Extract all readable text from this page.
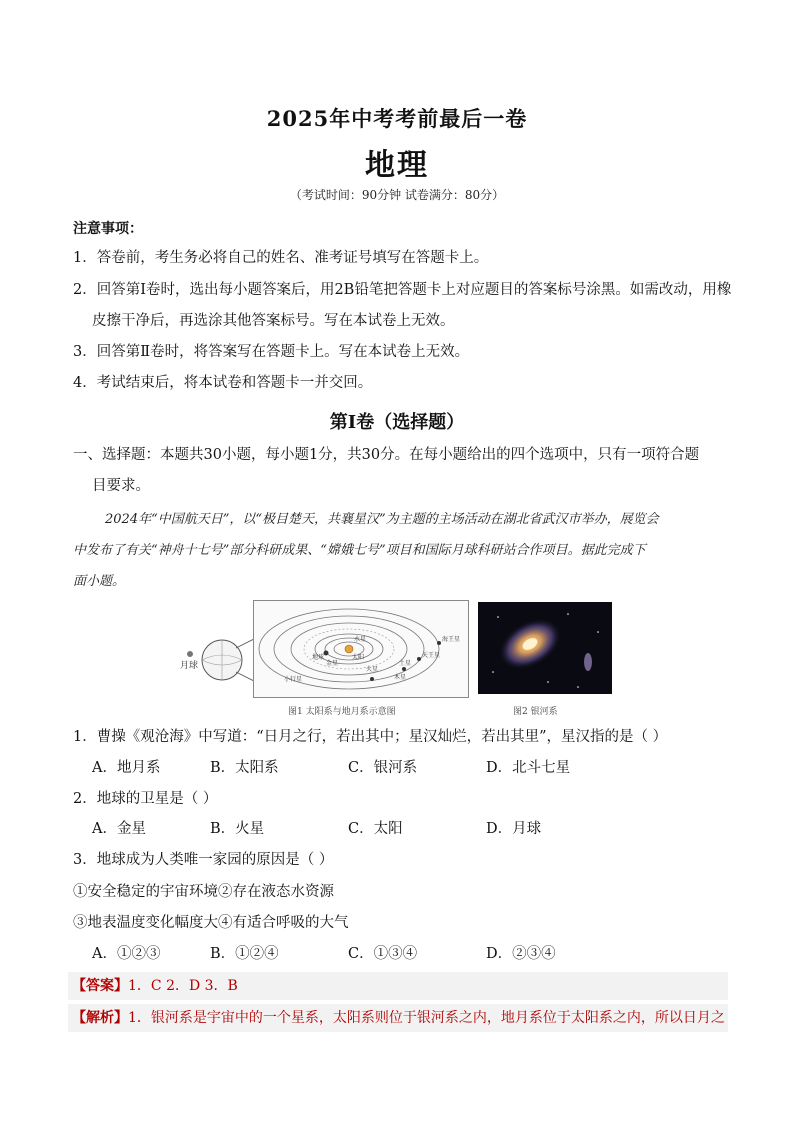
2025年中考考前最后一卷
地理
（考试时间：90分钟 试卷满分：80分）
注意事项：
1．答卷前，考生务必将自己的姓名、准考证号填写在答题卡上。
2．回答第Ⅰ卷时，选出每小题答案后，用2B铅笔把答题卡上对应题目的答案标号涂黑。如需改动，用橡
皮擦干净后，再选涂其他答案标号。写在本试卷上无效。
3．回答第Ⅱ卷时，将答案写在答题卡上。写在本试卷上无效。
4．考试结束后，将本试卷和答题卡一并交回。
第Ⅰ卷（选择题）
一、选择题：本题共30小题，每小题1分，共30分。在每小题给出的四个选项中，只有一项符合题
目要求。
2024年“中国航天日”，以“极目楚天，共襄星汉”为主题的主场活动在湖北省武汉市举办，展览会
中发布了有关“神舟十七号”部分科研成果、“嫦娥七号”项目和国际月球科研站合作项目。据此完成下
面小题。
月球
地球	太阳
水星
金星
火星
木星
土星
天王星
海王星
小行星
图1 太阳系与地月系示意图	图2 银河系
1．曹操《观沧海》中写道：“日月之行，若出其中；星汉灿烂，若出其里”，星汉指的是（ ）
A．地月系	B．太阳系	C．银河系	D．北斗七星
2．地球的卫星是（ ）
A．金星	B．火星	C．太阳	D．月球
3．地球成为人类唯一家园的原因是（ ）
①安全稳定的宇宙环境②存在液态水资源
③地表温度变化幅度大④有适合呼吸的大气
A．①②③	B．①②④	C．①③④	D．②③④
【答案】1．C 2．D 3．B
【解析】1．银河系是宇宙中的一个星系，太阳系则位于银河系之内，地月系位于太阳系之内，所以日月之
